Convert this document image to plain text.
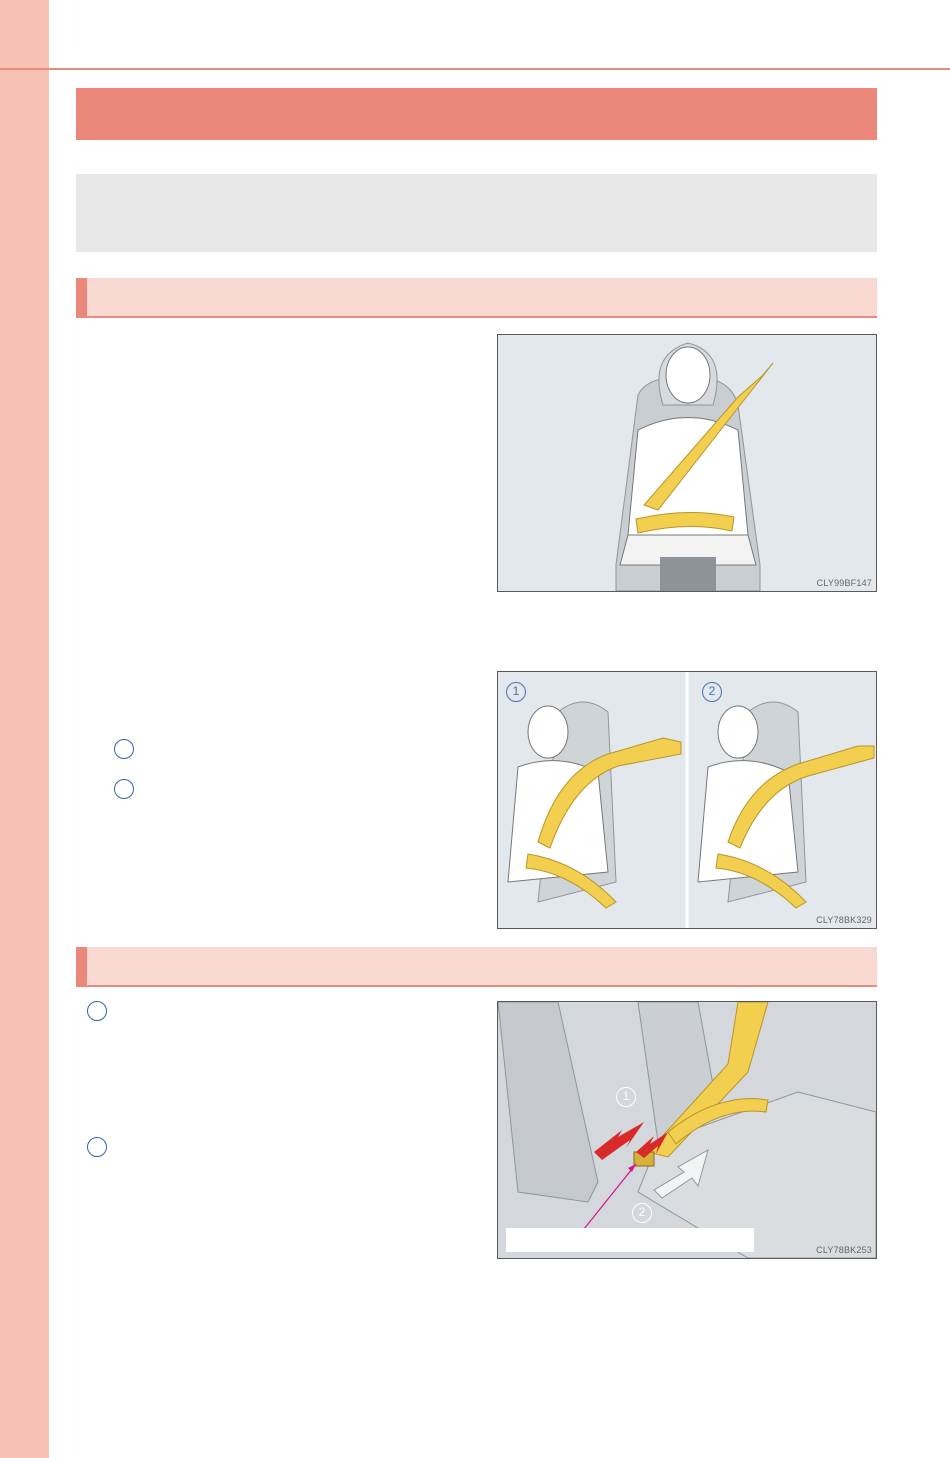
CLY99BF147
1	2
CLY78BK329
1
2
CLY78BK253
